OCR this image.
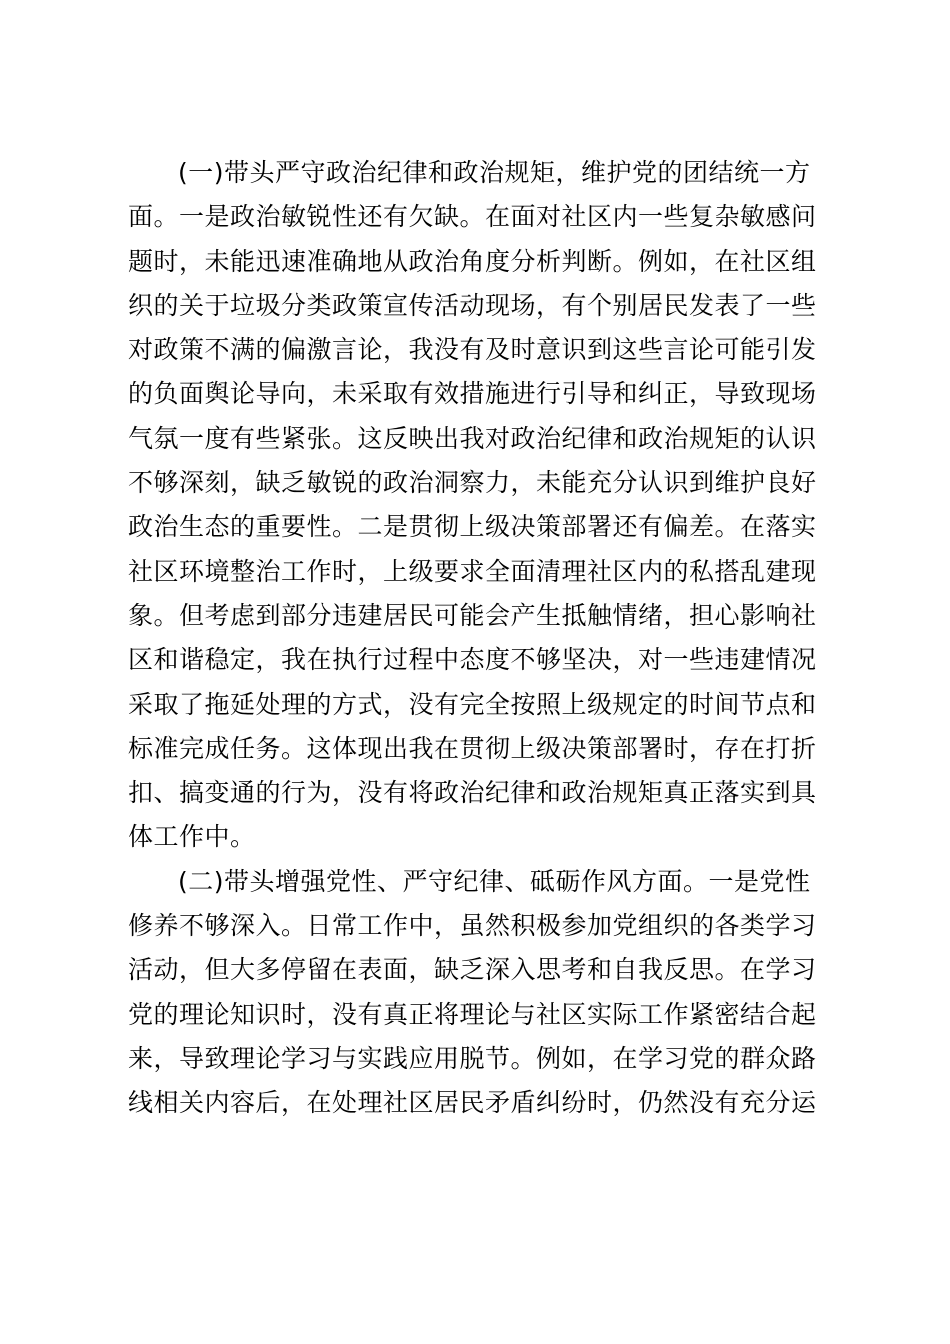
(一)带头严守政治纪律和政治规矩，维护党的团结统一方
面。一是政治敏锐性还有欠缺。在面对社区内一些复杂敏感问
题时，未能迅速准确地从政治角度分析判断。例如，在社区组
织的关于垃圾分类政策宣传活动现场，有个别居民发表了一些
对政策不满的偏激言论，我没有及时意识到这些言论可能引发
的负面舆论导向，未采取有效措施进行引导和纠正，导致现场
气氛一度有些紧张。这反映出我对政治纪律和政治规矩的认识
不够深刻，缺乏敏锐的政治洞察力，未能充分认识到维护良好
政治生态的重要性。二是贯彻上级决策部署还有偏差。在落实
社区环境整治工作时，上级要求全面清理社区内的私搭乱建现
象。但考虑到部分违建居民可能会产生抵触情绪，担心影响社
区和谐稳定，我在执行过程中态度不够坚决，对一些违建情况
采取了拖延处理的方式，没有完全按照上级规定的时间节点和
标准完成任务。这体现出我在贯彻上级决策部署时，存在打折
扣、搞变通的行为，没有将政治纪律和政治规矩真正落实到具
体工作中。
(二)带头增强党性、严守纪律、砥砺作风方面。一是党性
修养不够深入。日常工作中，虽然积极参加党组织的各类学习
活动，但大多停留在表面，缺乏深入思考和自我反思。在学习
党的理论知识时，没有真正将理论与社区实际工作紧密结合起
来，导致理论学习与实践应用脱节。例如，在学习党的群众路
线相关内容后，在处理社区居民矛盾纠纷时，仍然没有充分运
